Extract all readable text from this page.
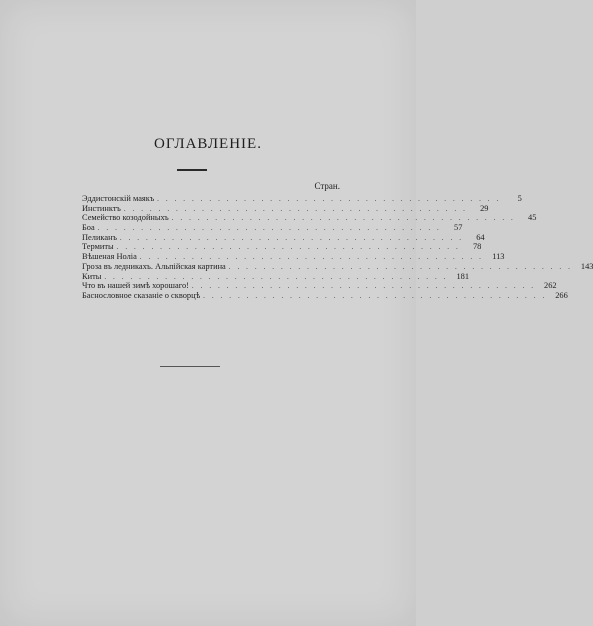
ОГЛАВЛЕНІЕ.
Стран.
Эддистонскій маякъ . . . . . . . . . . . . . . . . . . . . . . . . . . . . . . . . . . . . . . . .	5
Инстинктъ . . . . . . . . . . . . . . . . . . . . . . . . . . . . . . . . . . . . . . . .	29
Семейство козодойныхъ . . . . . . . . . . . . . . . . . . . . . . . . . . . . . . . . . . . . . . . .	45
Боа . . . . . . . . . . . . . . . . . . . . . . . . . . . . . . . . . . . . . . . .	57
Пеликанъ . . . . . . . . . . . . . . . . . . . . . . . . . . . . . . . . . . . . . . . .	64
Термиты . . . . . . . . . . . . . . . . . . . . . . . . . . . . . . . . . . . . . . . .	78
Вѣшеная Ноліа . . . . . . . . . . . . . . . . . . . . . . . . . . . . . . . . . . . . . . . .	113
Гроза въ ледникахъ. Альпійская картина . . . . . . . . . . . . . . . . . . . . . . . . . . . . . . . . . . . . . . . .	143
Киты . . . . . . . . . . . . . . . . . . . . . . . . . . . . . . . . . . . . . . . .	181
Что въ нашей зимѣ хорошаго! . . . . . . . . . . . . . . . . . . . . . . . . . . . . . . . . . . . . . . . .	262
Баснословное сказаніе о скворцѣ . . . . . . . . . . . . . . . . . . . . . . . . . . . . . . . . . . . . . . . .	266
